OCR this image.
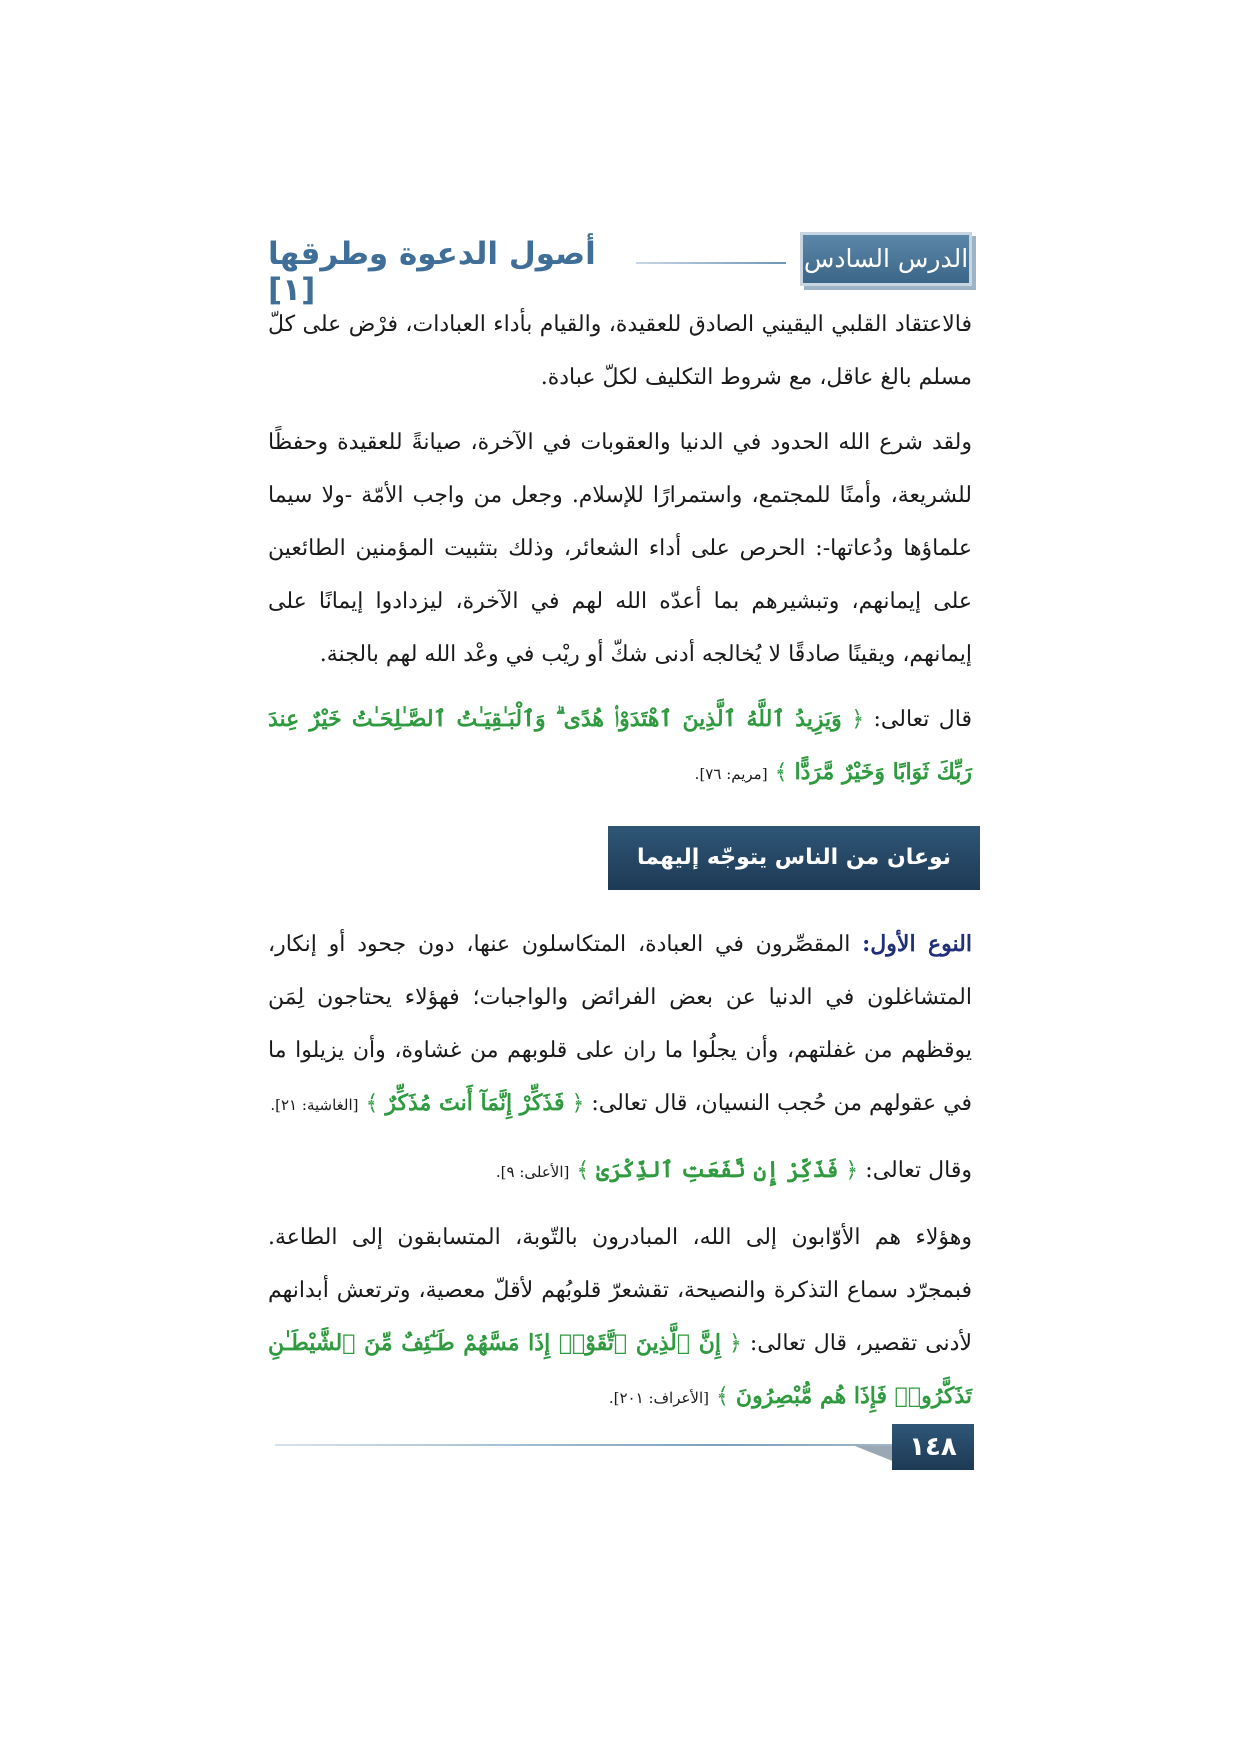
الدرس السادس
أصول الدعوة وطرقها [١]

فالاعتقاد القلبي اليقيني الصادق للعقيدة، والقيام بأداء العبادات، فرْض على كلّ مسلم بالغ عاقل، مع شروط التكليف لكلّ عبادة.

ولقد شرع الله الحدود في الدنيا والعقوبات في الآخرة، صيانةً للعقيدة وحفظًا للشريعة، وأمنًا للمجتمع، واستمرارًا للإسلام. وجعل من واجب الأمّة -ولا سيما علماؤها ودُعاتها-: الحرص على أداء الشعائر، وذلك بتثبيت المؤمنين الطائعين على إيمانهم، وتبشيرهم بما أعدّه الله لهم في الآخرة، ليزدادوا إيمانًا على إيمانهم، ويقينًا صادقًا لا يُخالجه أدنى شكّ أو ريْب في وعْد الله لهم بالجنة.

قال تعالى: ﴿ وَيَزِيدُ ٱللَّهُ ٱلَّذِينَ ٱهْتَدَوْا۟ هُدًى ۗ وَٱلْبَـٰقِيَـٰتُ ٱلصَّـٰلِحَـٰتُ خَيْرٌ عِندَ رَبِّكَ ثَوَابًا وَخَيْرٌ مَّرَدًّا ﴾ [مريم: ٧٦].

نوعان من الناس يتوجّه إليهما النّهي

النوع الأول: المقصِّرون في العبادة، المتكاسلون عنها، دون جحود أو إنكار، المتشاغلون في الدنيا عن بعض الفرائض والواجبات؛ فهؤلاء يحتاجون لِمَن يوقظهم من غفلتهم، وأن يجلُوا ما ران على قلوبهم من غشاوة، وأن يزيلوا ما في عقولهم من حُجب النسيان، قال تعالى: ﴿ فَذَكِّرْ إِنَّمَآ أَنتَ مُذَكِّرٌ ﴾ [الغاشية: ٢١].

وقال تعالى: ﴿ فَذَكِّرْ إِن نَّفَعَتِ ٱلذِّكْرَىٰ ﴾ [الأعلى: ٩].

وهؤلاء هم الأوّابون إلى الله، المبادرون بالتّوبة، المتسابقون إلى الطاعة. فبمجرّد سماع التذكرة والنصيحة، تقشعرّ قلوبُهم لأقلّ معصية، وترتعش أبدانهم لأدنى تقصير، قال تعالى: ﴿ إِنَّ ٱلَّذِينَ ٱتَّقَوْا۟ إِذَا مَسَّهُمْ طَـٰٓئِفٌ مِّنَ ٱلشَّيْطَـٰنِ تَذَكَّرُوا۟ فَإِذَا هُم مُّبْصِرُونَ ﴾ [الأعراف: ٢٠١].

١٤٨
